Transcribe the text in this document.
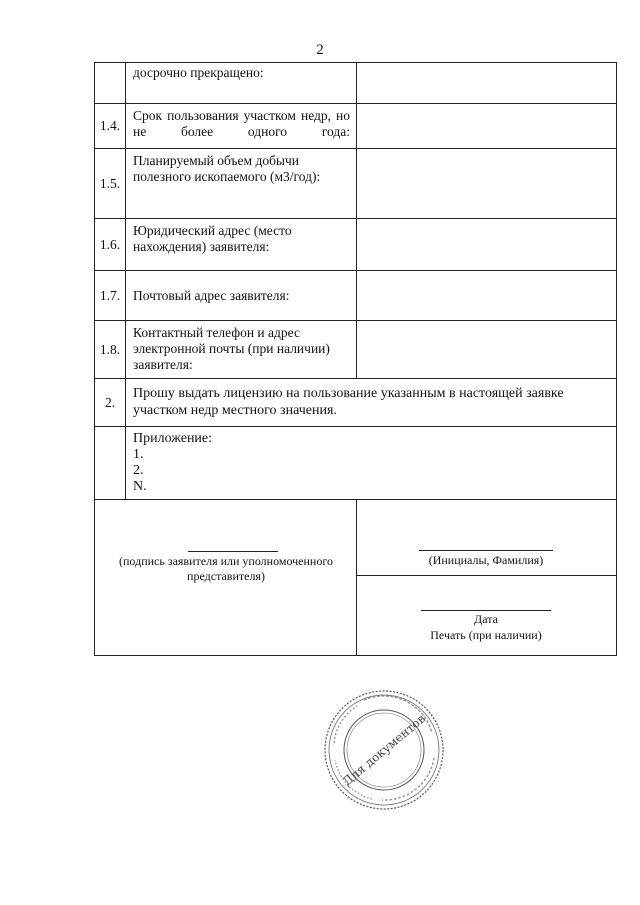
2
	досрочно прекращено:	
1.4.	Срок пользования участком недр, но не более одного года:	

1.5.	Планируемый объем добычи полезного ископаемого (м3/год):	
1.6.	Юридический адрес (место нахождения) заявителя:	
1.7.	Почтовый адрес заявителя:	
1.8.	Контактный телефон и адрес электронной почты (при наличии) заявителя:	
2.	Прошу выдать лицензию на пользование указанным в настоящей заявке участком недр местного значения.	

	Приложение:
1.
2.
N.	

(подпись заявителя или уполномоченного представителя)		(Инициалы, Фамилия)
Дата
Печать (при наличии)
Для документов
